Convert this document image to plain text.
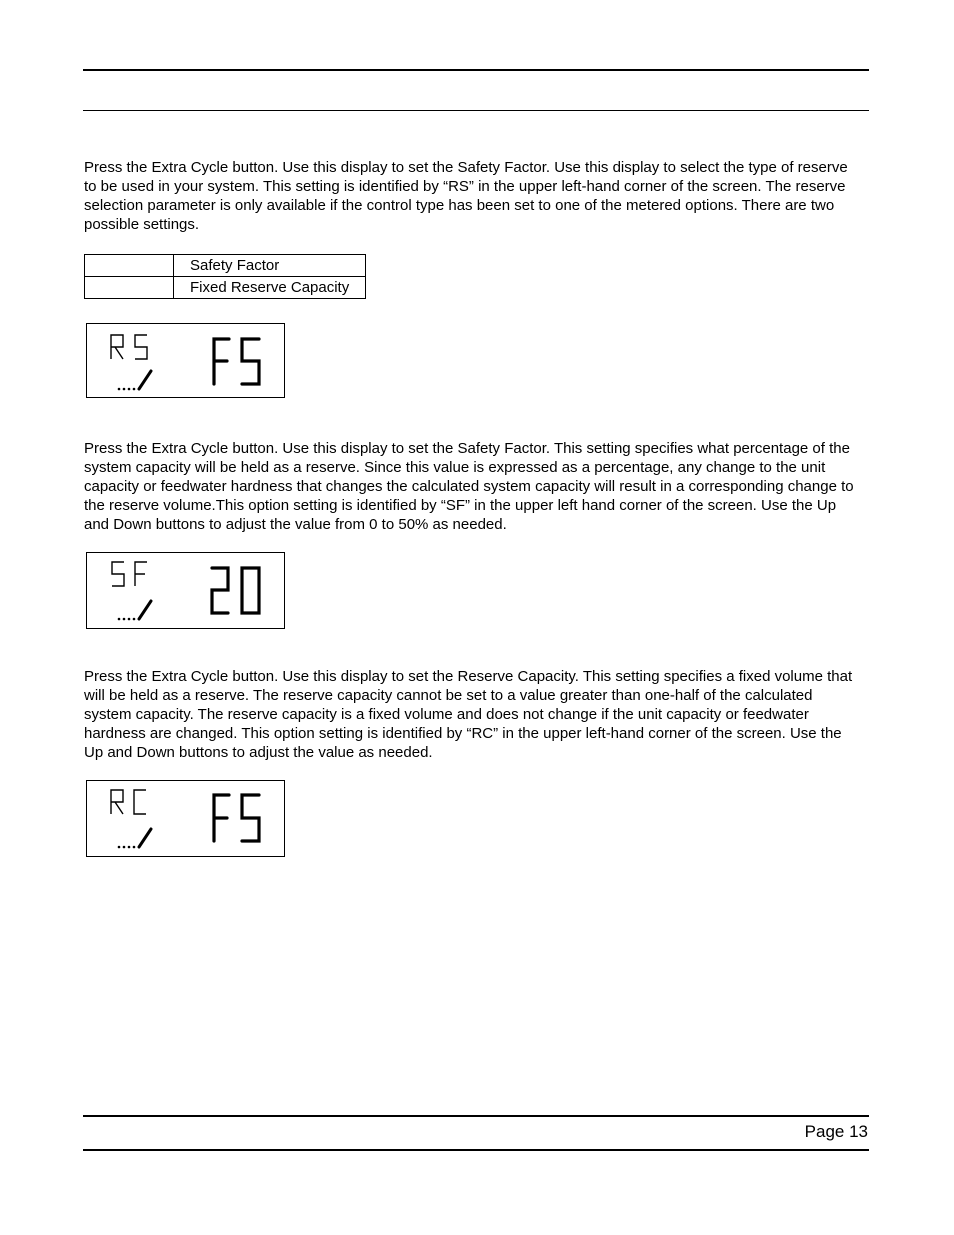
Press the Extra Cycle button. Use this display to set the Safety Factor. Use this display to select the type of reserve to be used in your system. This setting is identified by “RS” in the upper left-hand corner of the screen. The reserve selection parameter is only available if the control type has been set to one of the metered options. There are two possible settings.

	Safety Factor
	Fixed Reserve Capacity

Press the Extra Cycle button. Use this display to set the Safety Factor. This setting specifies what percentage of the system capacity will be held as a reserve. Since this value is expressed as a percentage, any change to the unit capacity or feedwater hardness that changes the calculated system capacity will result in a corresponding change to the reserve volume.This option setting is identified by “SF” in the upper left hand corner of the screen. Use the Up and Down buttons to adjust the value from 0 to 50% as needed.

Press the Extra Cycle button. Use this display to set the Reserve Capacity. This setting specifies a fixed volume that will be held as a reserve. The reserve capacity cannot be set to a value greater than one-half of the calculated system capacity. The reserve capacity is a fixed volume and does not change if the unit capacity or feedwater hardness are changed. This option setting is identified by “RC” in the upper left-hand corner of the screen. Use the Up and Down buttons to adjust the value as needed.

Page 13
